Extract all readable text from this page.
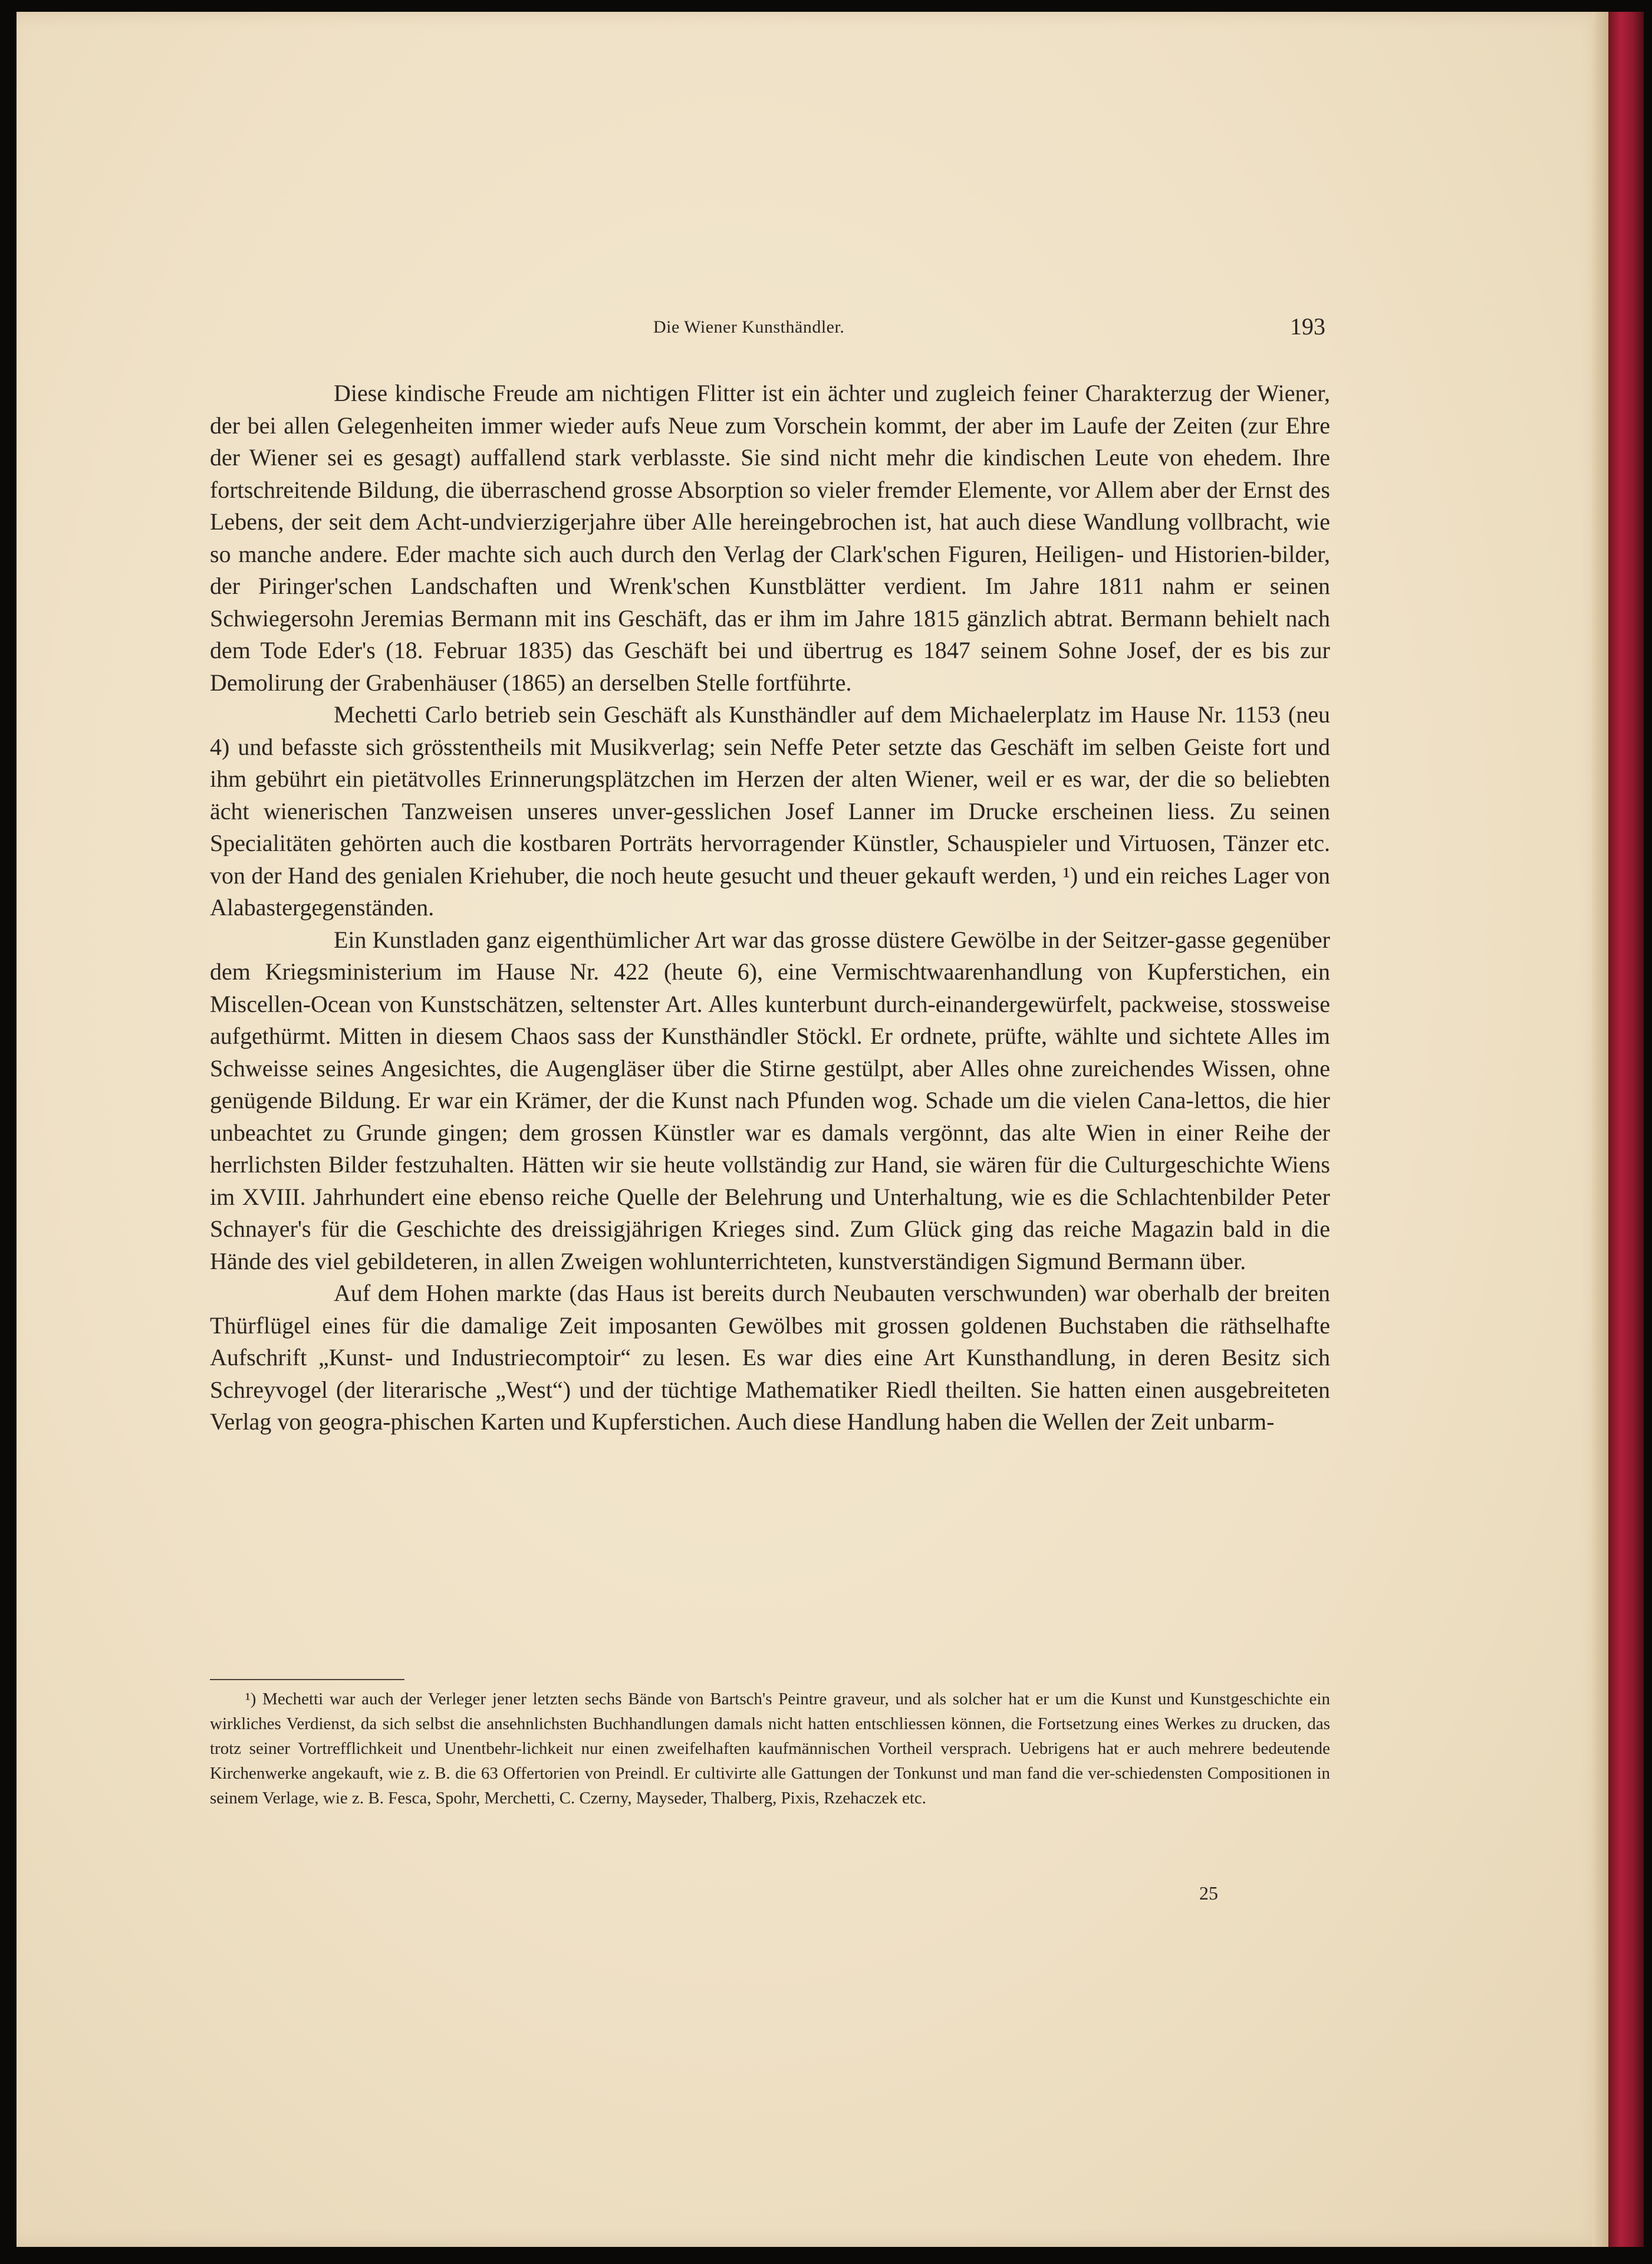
Die Wiener Kunsthändler.	193

Diese kindische Freude am nichtigen Flitter ist ein ächter und zugleich feiner Charakterzug der Wiener, der bei allen Gelegenheiten immer wieder aufs Neue zum Vorschein kommt, der aber im Laufe der Zeiten (zur Ehre der Wiener sei es gesagt) auffallend stark verblasste. Sie sind nicht mehr die kindischen Leute von ehedem. Ihre fortschreitende Bildung, die überraschend grosse Absorption so vieler fremder Elemente, vor Allem aber der Ernst des Lebens, der seit dem Acht-undvierzigerjahre über Alle hereingebrochen ist, hat auch diese Wandlung vollbracht, wie so manche andere. Eder machte sich auch durch den Verlag der Clark'schen Figuren, Heiligen- und Historien-bilder, der Piringer'schen Landschaften und Wrenk'schen Kunstblätter verdient. Im Jahre 1811 nahm er seinen Schwiegersohn Jeremias Bermann mit ins Geschäft, das er ihm im Jahre 1815 gänzlich abtrat. Bermann behielt nach dem Tode Eder's (18. Februar 1835) das Geschäft bei und übertrug es 1847 seinem Sohne Josef, der es bis zur Demolirung der Grabenhäuser (1865) an derselben Stelle fortführte.

Mechetti Carlo betrieb sein Geschäft als Kunsthändler auf dem Michaelerplatz im Hause Nr. 1153 (neu 4) und befasste sich grösstentheils mit Musikverlag; sein Neffe Peter setzte das Geschäft im selben Geiste fort und ihm gebührt ein pietätvolles Erinnerungsplätzchen im Herzen der alten Wiener, weil er es war, der die so beliebten ächt wienerischen Tanzweisen unseres unver-gesslichen Josef Lanner im Drucke erscheinen liess. Zu seinen Specialitäten gehörten auch die kostbaren Porträts hervorragender Künstler, Schauspieler und Virtuosen, Tänzer etc. von der Hand des genialen Kriehuber, die noch heute gesucht und theuer gekauft werden, ¹) und ein reiches Lager von Alabastergegenständen.

Ein Kunstladen ganz eigenthümlicher Art war das grosse düstere Gewölbe in der Seitzer-gasse gegenüber dem Kriegsministerium im Hause Nr. 422 (heute 6), eine Vermischtwaarenhandlung von Kupferstichen, ein Miscellen-Ocean von Kunstschätzen, seltenster Art. Alles kunterbunt durch-einandergewürfelt, packweise, stossweise aufgethürmt. Mitten in diesem Chaos sass der Kunsthändler Stöckl. Er ordnete, prüfte, wählte und sichtete Alles im Schweisse seines Angesichtes, die Augengläser über die Stirne gestülpt, aber Alles ohne zureichendes Wissen, ohne genügende Bildung. Er war ein Krämer, der die Kunst nach Pfunden wog. Schade um die vielen Cana-lettos, die hier unbeachtet zu Grunde gingen; dem grossen Künstler war es damals vergönnt, das alte Wien in einer Reihe der herrlichsten Bilder festzuhalten. Hätten wir sie heute vollständig zur Hand, sie wären für die Culturgeschichte Wiens im XVIII. Jahrhundert eine ebenso reiche Quelle der Belehrung und Unterhaltung, wie es die Schlachtenbilder Peter Schnayer's für die Geschichte des dreissigjährigen Krieges sind. Zum Glück ging das reiche Magazin bald in die Hände des viel gebildeteren, in allen Zweigen wohlunterrichteten, kunstverständigen Sigmund Bermann über.

Auf dem Hohen markte (das Haus ist bereits durch Neubauten verschwunden) war oberhalb der breiten Thürflügel eines für die damalige Zeit imposanten Gewölbes mit grossen goldenen Buchstaben die räthselhafte Aufschrift „Kunst- und Industriecomptoir“ zu lesen. Es war dies eine Art Kunsthandlung, in deren Besitz sich Schreyvogel (der literarische „West“) und der tüchtige Mathematiker Riedl theilten. Sie hatten einen ausgebreiteten Verlag von geogra-phischen Karten und Kupferstichen. Auch diese Handlung haben die Wellen der Zeit unbarm-

¹) Mechetti war auch der Verleger jener letzten sechs Bände von Bartsch's Peintre graveur, und als solcher hat er um die Kunst und Kunstgeschichte ein wirkliches Verdienst, da sich selbst die ansehnlichsten Buchhandlungen damals nicht hatten entschliessen können, die Fortsetzung eines Werkes zu drucken, das trotz seiner Vortrefflichkeit und Unentbehr-lichkeit nur einen zweifelhaften kaufmännischen Vortheil versprach. Uebrigens hat er auch mehrere bedeutende Kirchenwerke angekauft, wie z. B. die 63 Offertorien von Preindl. Er cultivirte alle Gattungen der Tonkunst und man fand die ver-schiedensten Compositionen in seinem Verlage, wie z. B. Fesca, Spohr, Merchetti, C. Czerny, Mayseder, Thalberg, Pixis, Rzehaczek etc.

25
